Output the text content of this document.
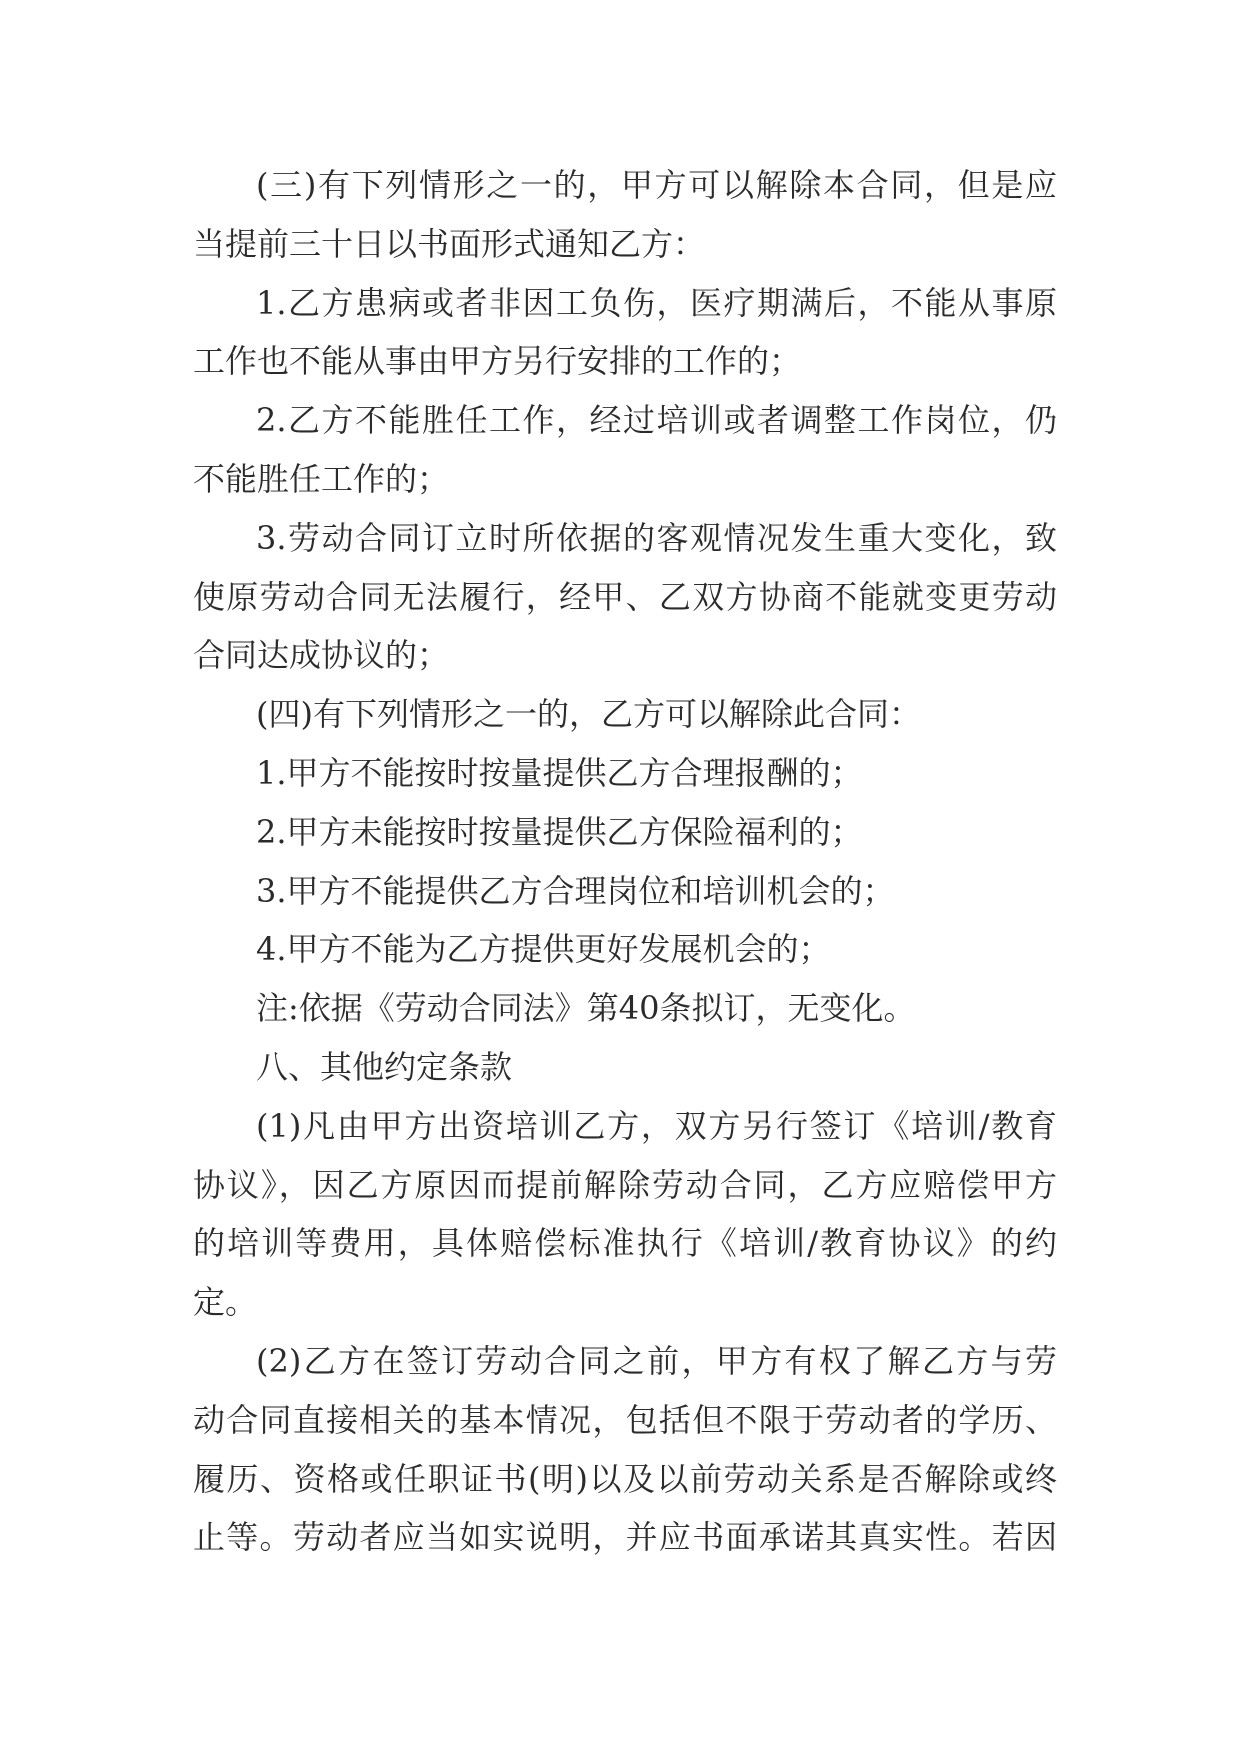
(三)有下列情形之一的，甲方可以解除本合同，但是应
当提前三十日以书面形式通知乙方：
1.乙方患病或者非因工负伤，医疗期满后，不能从事原
工作也不能从事由甲方另行安排的工作的；
2.乙方不能胜任工作，经过培训或者调整工作岗位，仍
不能胜任工作的；
3.劳动合同订立时所依据的客观情况发生重大变化，致
使原劳动合同无法履行，经甲、乙双方协商不能就变更劳动
合同达成协议的；
(四)有下列情形之一的，乙方可以解除此合同：
1.甲方不能按时按量提供乙方合理报酬的；
2.甲方未能按时按量提供乙方保险福利的；
3.甲方不能提供乙方合理岗位和培训机会的；
4.甲方不能为乙方提供更好发展机会的；
注:依据《劳动合同法》第40条拟订，无变化。
八、其他约定条款
(1)凡由甲方出资培训乙方，双方另行签订《培训/教育
协议》，因乙方原因而提前解除劳动合同，乙方应赔偿甲方
的培训等费用，具体赔偿标准执行《培训/教育协议》的约
定。
(2)乙方在签订劳动合同之前，甲方有权了解乙方与劳
动合同直接相关的基本情况，包括但不限于劳动者的学历、
履历、资格或任职证书(明)以及以前劳动关系是否解除或终
止等。劳动者应当如实说明，并应书面承诺其真实性。若因
